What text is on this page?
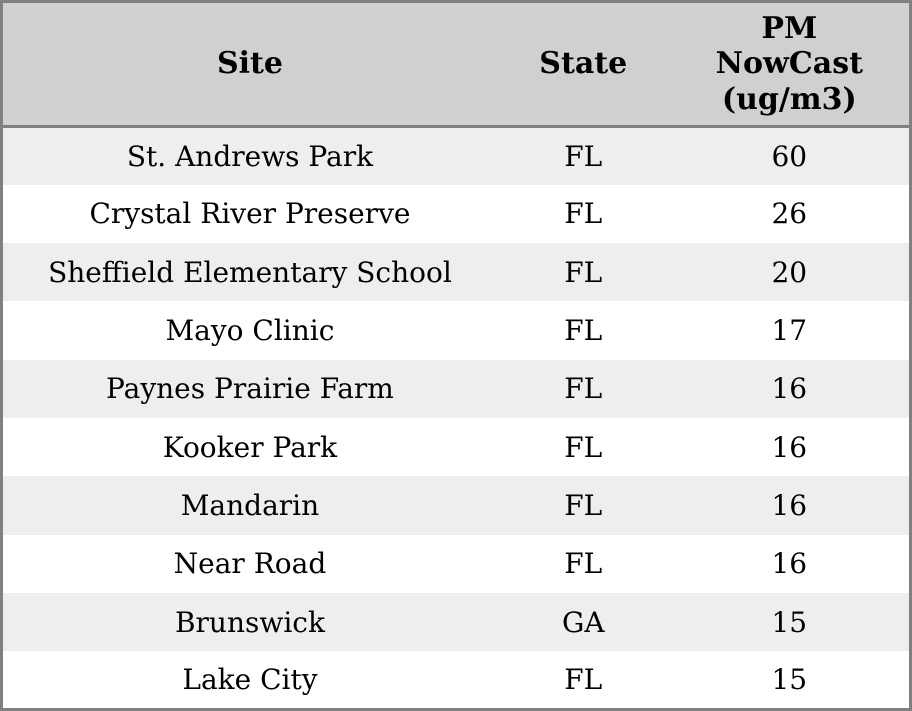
Site	State	PM NowCast (ug/m3)

St. Andrews Park	FL	60
Crystal River Preserve	FL	26
Sheffield Elementary School	FL	20
Mayo Clinic	FL	17
Paynes Prairie Farm	FL	16
Kooker Park	FL	16
Mandarin	FL	16
Near Road	FL	16
Brunswick	GA	15
Lake City	FL	15
